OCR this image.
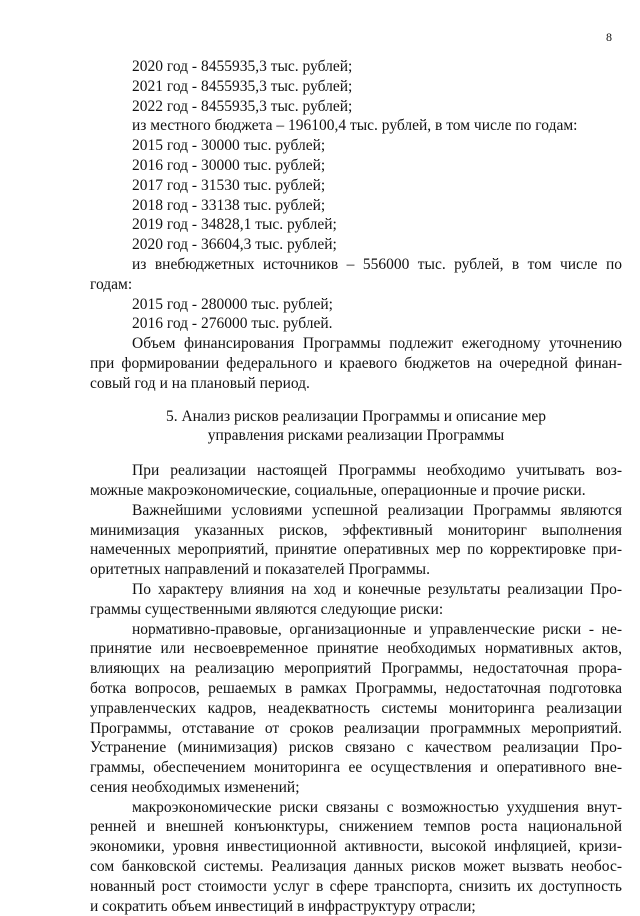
8
2020 год - 8455935,3 тыс. рублей;
2021 год - 8455935,3 тыс. рублей;
2022 год - 8455935,3 тыс. рублей;
из местного бюджета – 196100,4 тыс. рублей, в том числе по годам:
2015 год - 30000 тыс. рублей;
2016 год - 30000 тыс. рублей;
2017 год - 31530 тыс. рублей;
2018 год - 33138 тыс. рублей;
2019 год - 34828,1 тыс. рублей;
2020 год - 36604,3 тыс. рублей;
из внебюджетных источников – 556000 тыс. рублей, в том числе по
годам:
2015 год - 280000 тыс. рублей;
2016 год - 276000 тыс. рублей.
Объем финансирования Программы подлежит ежегодному уточнению
при формировании федерального и краевого бюджетов на очередной финан-
совый год и на плановый период.
5. Анализ рисков реализации Программы и описание мер
управления рисками реализации Программы
При реализации настоящей Программы необходимо учитывать воз-
можные макроэкономические, социальные, операционные и прочие риски.
Важнейшими условиями успешной реализации Программы являются
минимизация указанных рисков, эффективный мониторинг выполнения
намеченных мероприятий, принятие оперативных мер по корректировке при-
оритетных направлений и показателей Программы.
По характеру влияния на ход и конечные результаты реализации Про-
граммы существенными являются следующие риски:
нормативно-правовые, организационные и управленческие риски - не-
принятие или несвоевременное принятие необходимых нормативных актов,
влияющих на реализацию мероприятий Программы, недостаточная прора-
ботка вопросов, решаемых в рамках Программы, недостаточная подготовка
управленческих кадров, неадекватность системы мониторинга реализации
Программы, отставание от сроков реализации программных мероприятий.
Устранение (минимизация) рисков связано с качеством реализации Про-
граммы, обеспечением мониторинга ее осуществления и оперативного вне-
сения необходимых изменений;
макроэкономические риски связаны с возможностью ухудшения внут-
ренней и внешней конъюнктуры, снижением темпов роста национальной
экономики, уровня инвестиционной активности, высокой инфляцией, кризи-
сом банковской системы. Реализация данных рисков может вызвать необос-
нованный рост стоимости услуг в сфере транспорта, снизить их доступность
и сократить объем инвестиций в инфраструктуру отрасли;
